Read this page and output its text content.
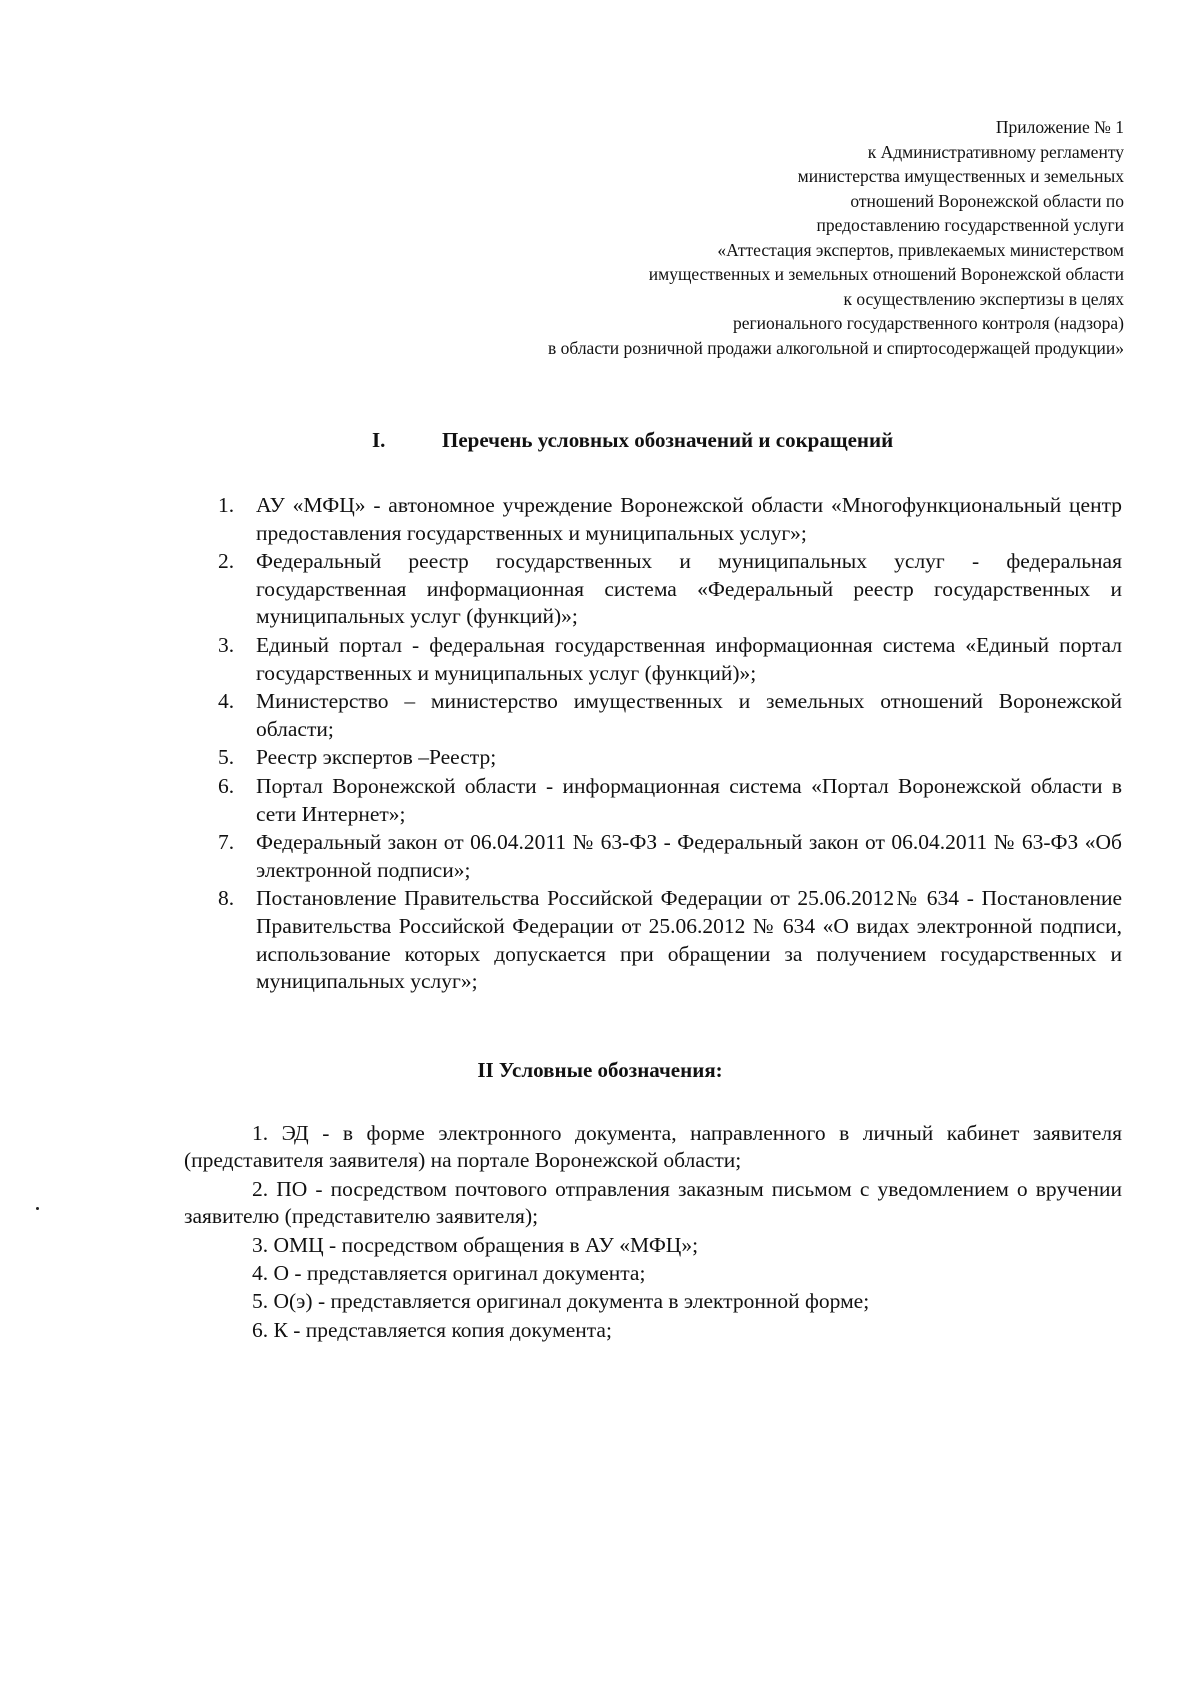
Приложение № 1
к Административному регламенту
министерства имущественных и земельных
отношений Воронежской области по
предоставлению государственной услуги
«Аттестация экспертов, привлекаемых министерством
имущественных и земельных отношений Воронежской области
к осуществлению экспертизы в целях
регионального государственного контроля (надзора)
в области розничной продажи алкогольной и спиртосодержащей продукции»
I.	Перечень условных обозначений и сокращений
1. АУ «МФЦ» - автономное учреждение Воронежской области «Многофункциональный центр предоставления государственных и муниципальных услуг»;
2. Федеральный реестр государственных и муниципальных услуг - федеральная государственная информационная система «Федеральный реестр государственных и муниципальных услуг (функций)»;
3. Единый портал - федеральная государственная информационная система «Единый портал государственных и муниципальных услуг (функций)»;
4. Министерство – министерство имущественных и земельных отношений Воронежской области;
5. Реестр экспертов –Реестр;
6. Портал Воронежской области - информационная система «Портал Воронежской области в сети Интернет»;
7. Федеральный закон от 06.04.2011 № 63-ФЗ - Федеральный закон от 06.04.2011 № 63-ФЗ «Об электронной подписи»;
8. Постановление Правительства Российской Федерации от 25.06.2012№ 634 - Постановление Правительства Российской Федерации от 25.06.2012 № 634 «О видах электронной подписи, использование которых допускается при обращении за получением государственных и муниципальных услуг»;
II Условные обозначения:

1. ЭД - в форме электронного документа, направленного в личный кабинет заявителя (представителя заявителя) на портале Воронежской области;

2. ПО - посредством почтового отправления заказным письмом с уведомлением о вручении заявителю (представителю заявителя);

3. ОМЦ - посредством обращения в АУ «МФЦ»;

4. О - представляется оригинал документа;

5. О(э) - представляется оригинал документа в электронной форме;

6. К - представляется копия документа;
